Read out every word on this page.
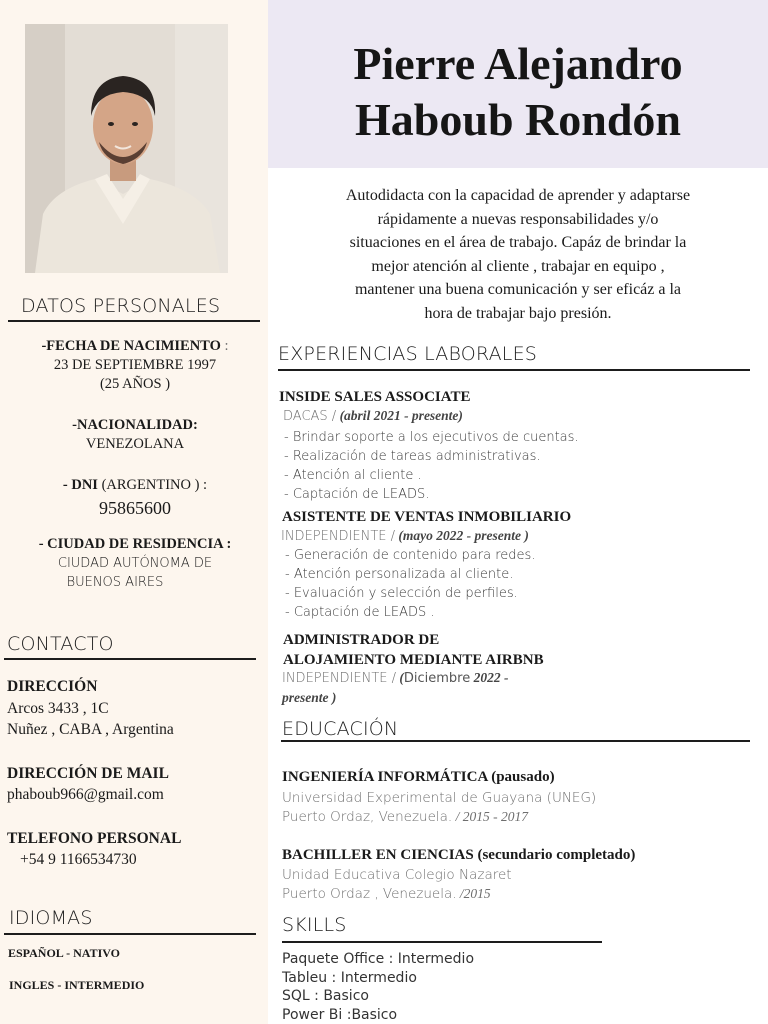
Pierre Alejandro
Haboub Rondón
Autodidacta con la capacidad de aprender y adaptarse
rápidamente a nuevas responsabilidades y/o
situaciones en el área de trabajo. Capáz de brindar la
mejor atención al cliente , trabajar en equipo ,
mantener una buena comunicación y ser eficáz a la
hora de trabajar bajo presión.
DATOS PERSONALES
-FECHA DE NACIMIENTO :
23 DE SEPTIEMBRE 1997
(25 AÑOS )
-NACIONALIDAD:
VENEZOLANA
- DNI (ARGENTINO ) :
95865600
- CIUDAD DE RESIDENCIA :
CIUDAD AUTÓNOMA DE
BUENOS AIRES
CONTACTO
DIRECCIÓN
Arcos 3433 , 1C
Nuñez , CABA , Argentina
DIRECCIÓN DE MAIL
phaboub966@gmail.com
TELEFONO PERSONAL
+54 9 1166534730
IDIOMAS
ESPAÑOL - NATIVO
INGLES - INTERMEDIO
EXPERIENCIAS LABORALES
INSIDE SALES ASSOCIATE
DACAS / (abril 2021 - presente)
- Brindar soporte a los ejecutivos de cuentas.
- Realización de tareas administrativas.
- Atención al cliente .
- Captación de LEADS.
ASISTENTE DE VENTAS INMOBILIARIO
INDEPENDIENTE / (mayo 2022 - presente )
- Generación de contenido para redes.
- Atención personalizada al cliente.
- Evaluación y selección de perfiles.
- Captación de LEADS .
ADMINISTRADOR DE
ALOJAMIENTO MEDIANTE AIRBNB
INDEPENDIENTE / (Diciembre 2022 -
presente )
EDUCACIÓN
INGENIERÍA INFORMÁTICA (pausado)
Universidad Experimental de Guayana (UNEG)
Puerto Ordaz, Venezuela. / 2015 - 2017
BACHILLER EN CIENCIAS (secundario completado)
Unidad Educativa Colegio Nazaret
Puerto Ordaz , Venezuela. /2015
SKILLS
Paquete Office : Intermedio
Tableu : Intermedio
SQL : Basico
Power Bi :Basico
